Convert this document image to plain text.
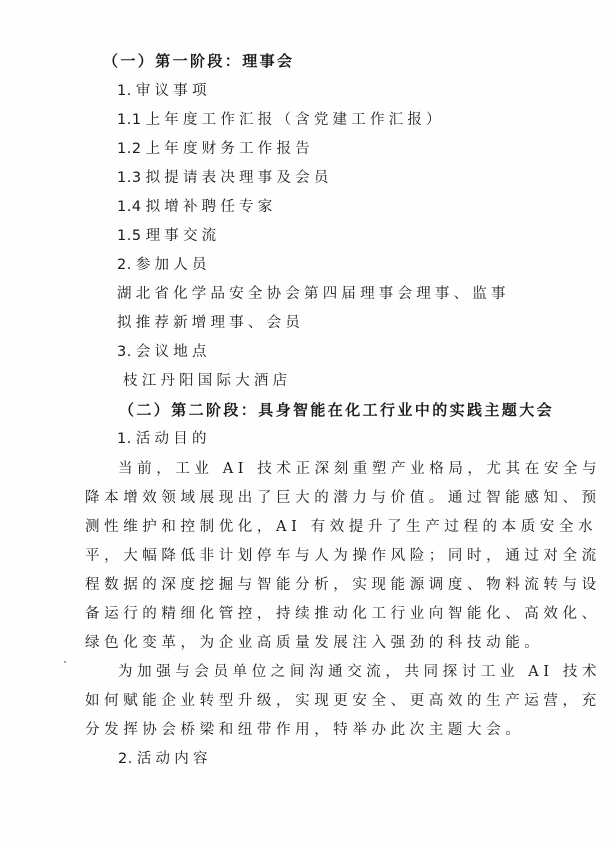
（一）第一阶段：理事会
1. 审议事项
1.1 上年度工作汇报（含党建工作汇报）
1.2 上年度财务工作报告
1.3 拟提请表决理事及会员
1.4 拟增补聘任专家
1.5 理事交流
2. 参加人员
湖北省化学品安全协会第四届理事会理事、监事
拟推荐新增理事、会员
3. 会议地点
枝江丹阳国际大酒店
（二）第二阶段：具身智能在化工行业中的实践主题大会
1. 活动目的
当前，工业 AI 技术正深刻重塑产业格局，尤其在安全与
降本增效领域展现出了巨大的潜力与价值。通过智能感知、预
测性维护和控制优化，AI 有效提升了生产过程的本质安全水
平，大幅降低非计划停车与人为操作风险；同时，通过对全流
程数据的深度挖掘与智能分析，实现能源调度、物料流转与设
备运行的精细化管控，持续推动化工行业向智能化、高效化、
绿色化变革，为企业高质量发展注入强劲的科技动能。
为加强与会员单位之间沟通交流，共同探讨工业 AI 技术
如何赋能企业转型升级，实现更安全、更高效的生产运营，充
分发挥协会桥梁和纽带作用，特举办此次主题大会。
2. 活动内容
